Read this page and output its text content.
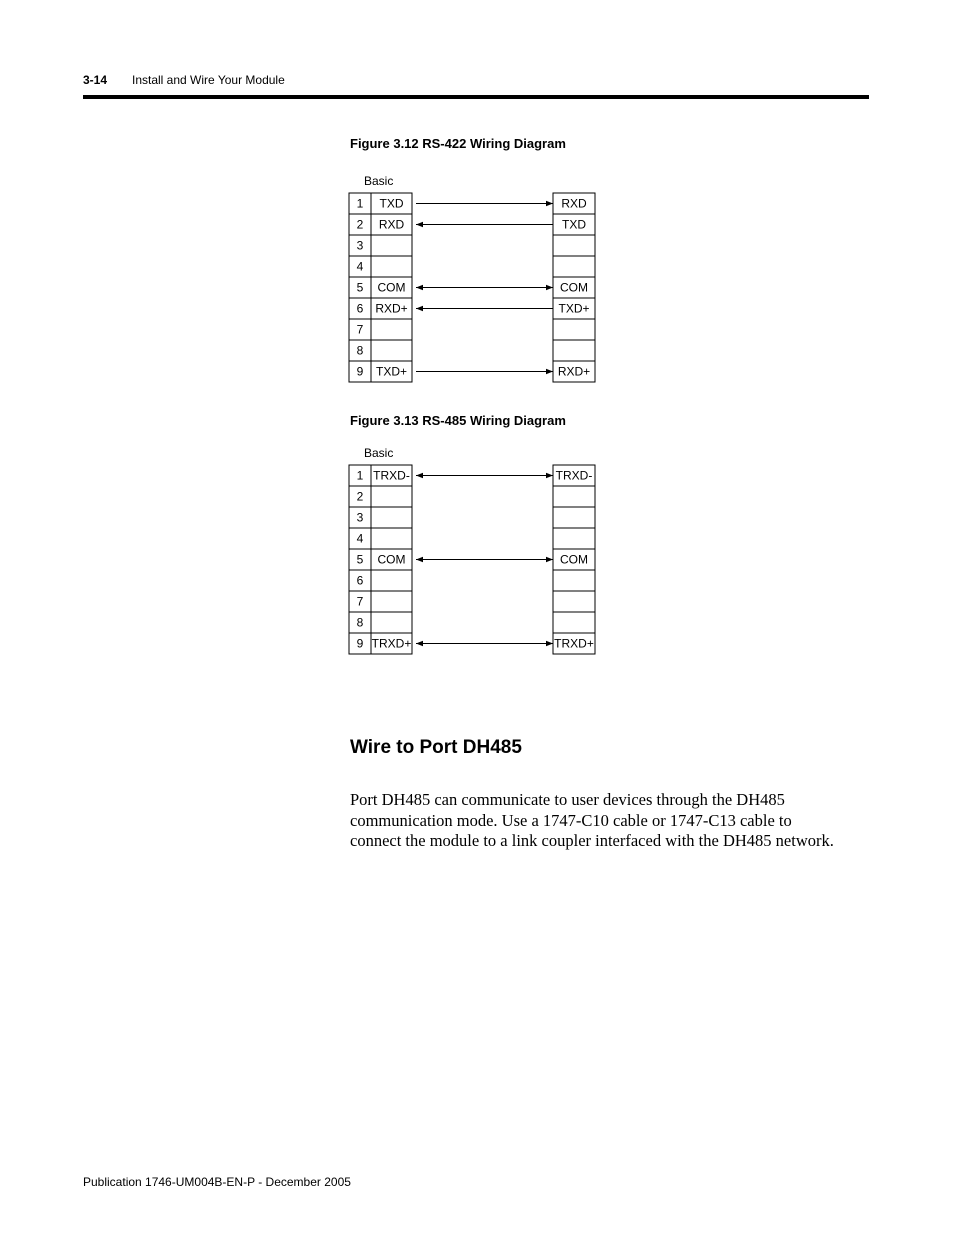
3-14 Install and Wire Your Module
Figure 3.12 RS-422 Wiring Diagram
Basic
1 TXD	RXD
2 RXD	TXD
3
4
5 COM	COM
6 RXD+	TXD+
7
8
9 TXD+	RXD+
Figure 3.13 RS-485 Wiring Diagram
Basic
1 TRXD-	TRXD-
2
3
4
5 COM	COM
6
7
8
9 TRXD+	TRXD+
Wire to Port DH485

Port DH485 can communicate to user devices through the DH485 communication mode. Use a 1747-C10 cable or 1747-C13 cable to connect the module to a link coupler interfaced with the DH485 network.

Publication 1746-UM004B-EN-P - December 2005
